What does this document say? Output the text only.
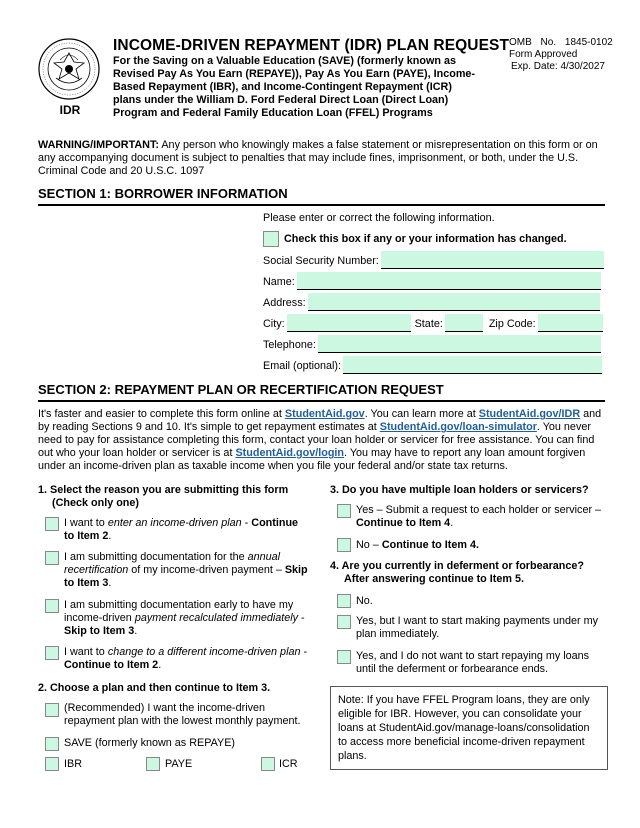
IDR
INCOME-DRIVEN REPAYMENT (IDR) PLAN REQUEST
For the Saving on a Valuable Education (SAVE) (formerly known as Revised Pay As You Earn (REPAYE)), Pay As You Earn (PAYE), Income-Based Repayment (IBR), and Income-Contingent Repayment (ICR) plans under the William D. Ford Federal Direct Loan (Direct Loan) Program and Federal Family Education Loan (FFEL) Programs
OMB No. 1845-0102
Form Approved
Exp. Date: 4/30/2027
WARNING/IMPORTANT: Any person who knowingly makes a false statement or misrepresentation on this form or on any accompanying document is subject to penalties that may include fines, imprisonment, or both, under the U.S. Criminal Code and 20 U.S.C. 1097
SECTION 1: BORROWER INFORMATION
Please enter or correct the following information.
Check this box if any or your information has changed.
Social Security Number:
Name:
Address:
City:	State:	Zip Code:
Telephone:
Email (optional):
SECTION 2: REPAYMENT PLAN OR RECERTIFICATION REQUEST
It's faster and easier to complete this form online at StudentAid.gov. You can learn more at StudentAid.gov/IDR and by reading Sections 9 and 10. It's simple to get repayment estimates at StudentAid.gov/loan-simulator. You never need to pay for assistance completing this form, contact your loan holder or servicer for free assistance. You can find out who your loan holder or servicer is at StudentAid.gov/login. You may have to report any loan amount forgiven under an income-driven plan as taxable income when you file your federal and/or state tax returns.
1. Select the reason you are submitting this form
(Check only one)
I want to enter an income-driven plan - Continue to Item 2.
I am submitting documentation for the annual recertification of my income-driven payment – Skip to Item 3.
I am submitting documentation early to have my income-driven payment recalculated immediately - Skip to Item 3.
I want to change to a different income-driven plan - Continue to Item 2.
2. Choose a plan and then continue to Item 3.
(Recommended) I want the income-driven repayment plan with the lowest monthly payment.
SAVE (formerly known as REPAYE)
IBR	PAYE	ICR
3. Do you have multiple loan holders or servicers?
Yes – Submit a request to each holder or servicer – Continue to Item 4.
No – Continue to Item 4.
4. Are you currently in deferment or forbearance?
After answering continue to Item 5.
No.
Yes, but I want to start making payments under my plan immediately.
Yes, and I do not want to start repaying my loans until the deferment or forbearance ends.
Note: If you have FFEL Program loans, they are only eligible for IBR. However, you can consolidate your loans at StudentAid.gov/manage-loans/consolidation to access more beneficial income-driven repayment plans.
